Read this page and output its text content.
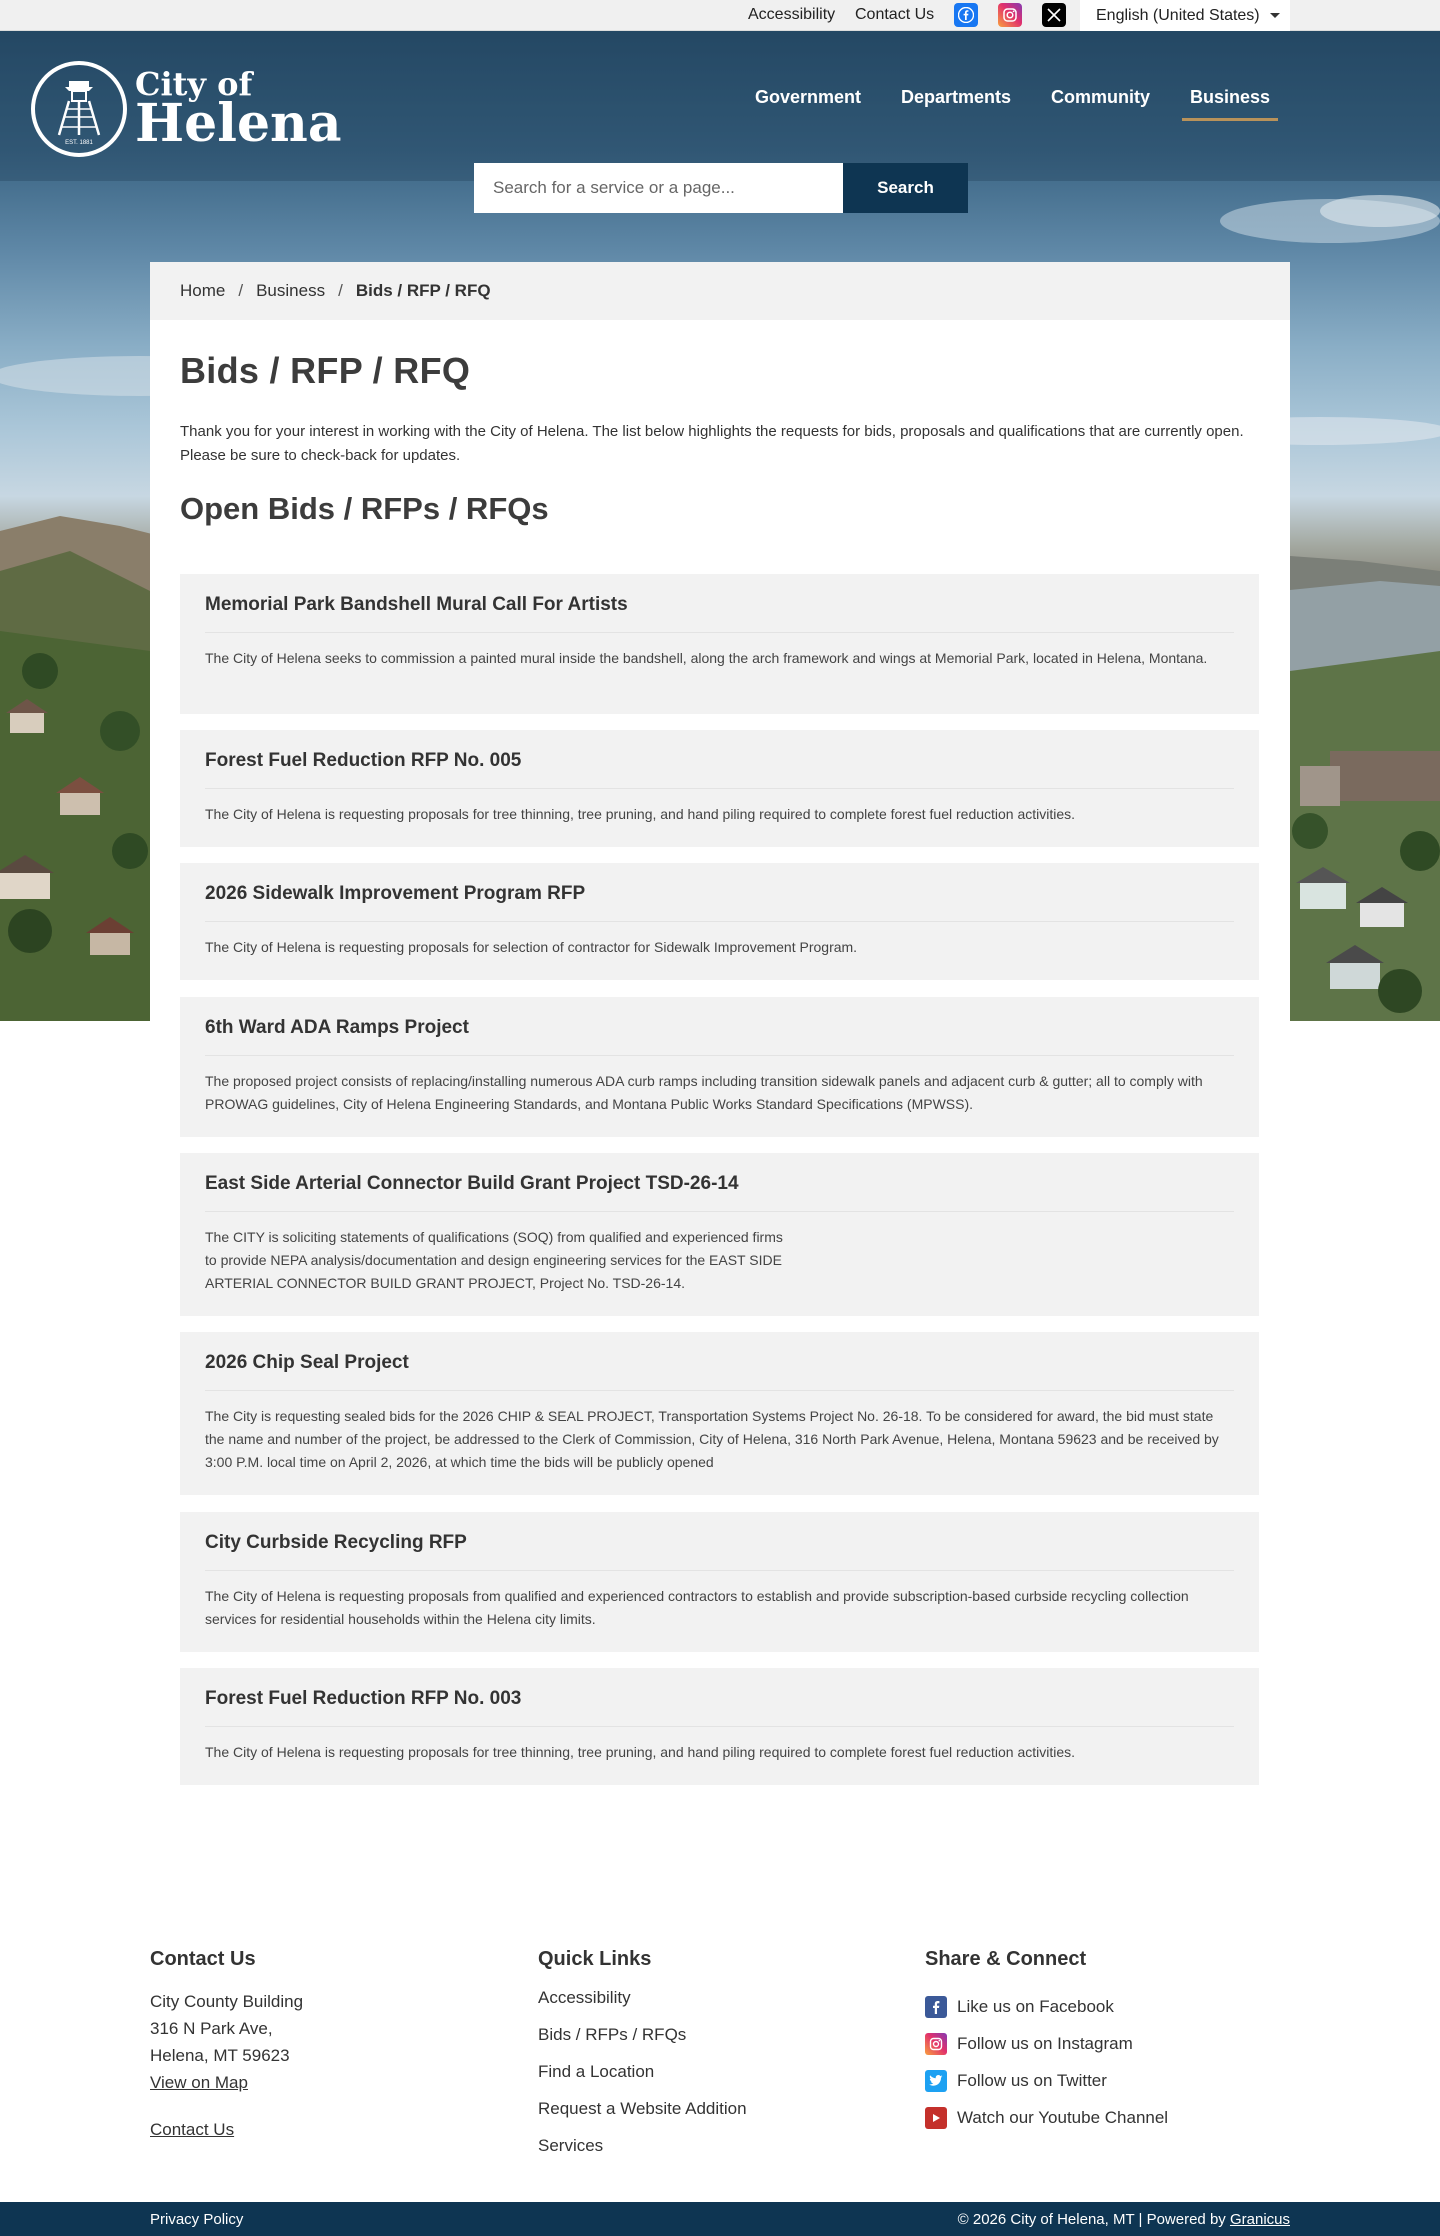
Accessibility Contact Us	English (United States)
EST. 1881
City of
Helena	Government Departments Community Business
Search for a service or a page...
Search
Home / Business / Bids / RFP / RFQ
Bids / RFP / RFQ

Thank you for your interest in working with the City of Helena. The list below highlights the requests for bids, proposals and qualifications that are currently open. Please be sure to check-back for updates.

Open Bids / RFPs / RFQs
Memorial Park Bandshell Mural Call For Artists
The City of Helena seeks to commission a painted mural inside the bandshell, along the arch framework and wings at Memorial Park, located in Helena, Montana.
Forest Fuel Reduction RFP No. 005
The City of Helena is requesting proposals for tree thinning, tree pruning, and hand piling required to complete forest fuel reduction activities.
2026 Sidewalk Improvement Program RFP
The City of Helena is requesting proposals for selection of contractor for Sidewalk Improvement Program.
6th Ward ADA Ramps Project
The proposed project consists of replacing/installing numerous ADA curb ramps including transition sidewalk panels and adjacent curb & gutter; all to comply with PROWAG guidelines, City of Helena Engineering Standards, and Montana Public Works Standard Specifications (MPWSS).
East Side Arterial Connector Build Grant Project TSD-26-14
The CITY is soliciting statements of qualifications (SOQ) from qualified and experienced firms
to provide NEPA analysis/documentation and design engineering services for the EAST SIDE
ARTERIAL CONNECTOR BUILD GRANT PROJECT, Project No. TSD-26-14.
2026 Chip Seal Project
The City is requesting sealed bids for the 2026 CHIP & SEAL PROJECT, Transportation Systems Project No. 26-18. To be considered for award, the bid must state the name and number of the project, be addressed to the Clerk of Commission, City of Helena, 316 North Park Avenue, Helena, Montana 59623 and be received by 3:00 P.M. local time on April 2, 2026, at which time the bids will be publicly opened
City Curbside Recycling RFP
The City of Helena is requesting proposals from qualified and experienced contractors to establish and provide subscription-based curbside recycling collection services for residential households within the Helena city limits.
Forest Fuel Reduction RFP No. 003
The City of Helena is requesting proposals for tree thinning, tree pruning, and hand piling required to complete forest fuel reduction activities.
Contact Us
City County Building
316 N Park Ave,
Helena, MT 59623
View on Map
Contact Us
Quick Links
Accessibility
Bids / RFPs / RFQs
Find a Location
Request a Website Addition
Services
Share & Connect
Like us on Facebook
Follow us on Instagram
Follow us on Twitter
Watch our Youtube Channel
Privacy Policy	© 2026 City of Helena, MT | Powered by Granicus
